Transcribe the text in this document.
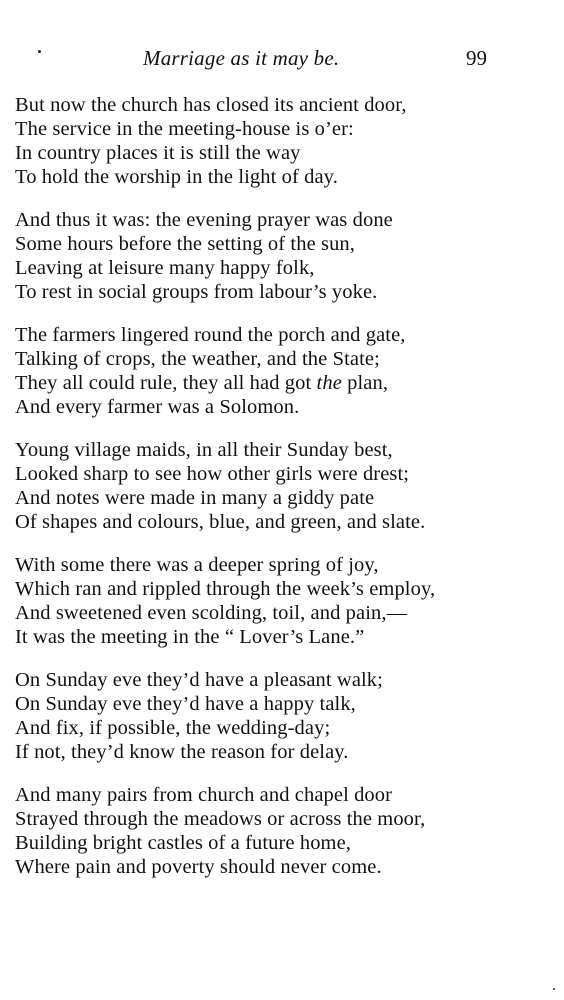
Marriage as it may be.	99
But now the church has closed its ancient door,
The service in the meeting-house is o’er:
In country places it is still the way
To hold the worship in the light of day.
And thus it was: the evening prayer was done
Some hours before the setting of the sun,
Leaving at leisure many happy folk,
To rest in social groups from labour’s yoke.
The farmers lingered round the porch and gate,
Talking of crops, the weather, and the State;
They all could rule, they all had got the plan,
And every farmer was a Solomon.
Young village maids, in all their Sunday best,
Looked sharp to see how other girls were drest;
And notes were made in many a giddy pate
Of shapes and colours, blue, and green, and slate.
With some there was a deeper spring of joy,
Which ran and rippled through the week’s employ,
And sweetened even scolding, toil, and pain,—
It was the meeting in the “ Lover’s Lane.”
On Sunday eve they’d have a pleasant walk;
On Sunday eve they’d have a happy talk,
And fix, if possible, the wedding-day;
If not, they’d know the reason for delay.
And many pairs from church and chapel door
Strayed through the meadows or across the moor,
Building bright castles of a future home,
Where pain and poverty should never come.
